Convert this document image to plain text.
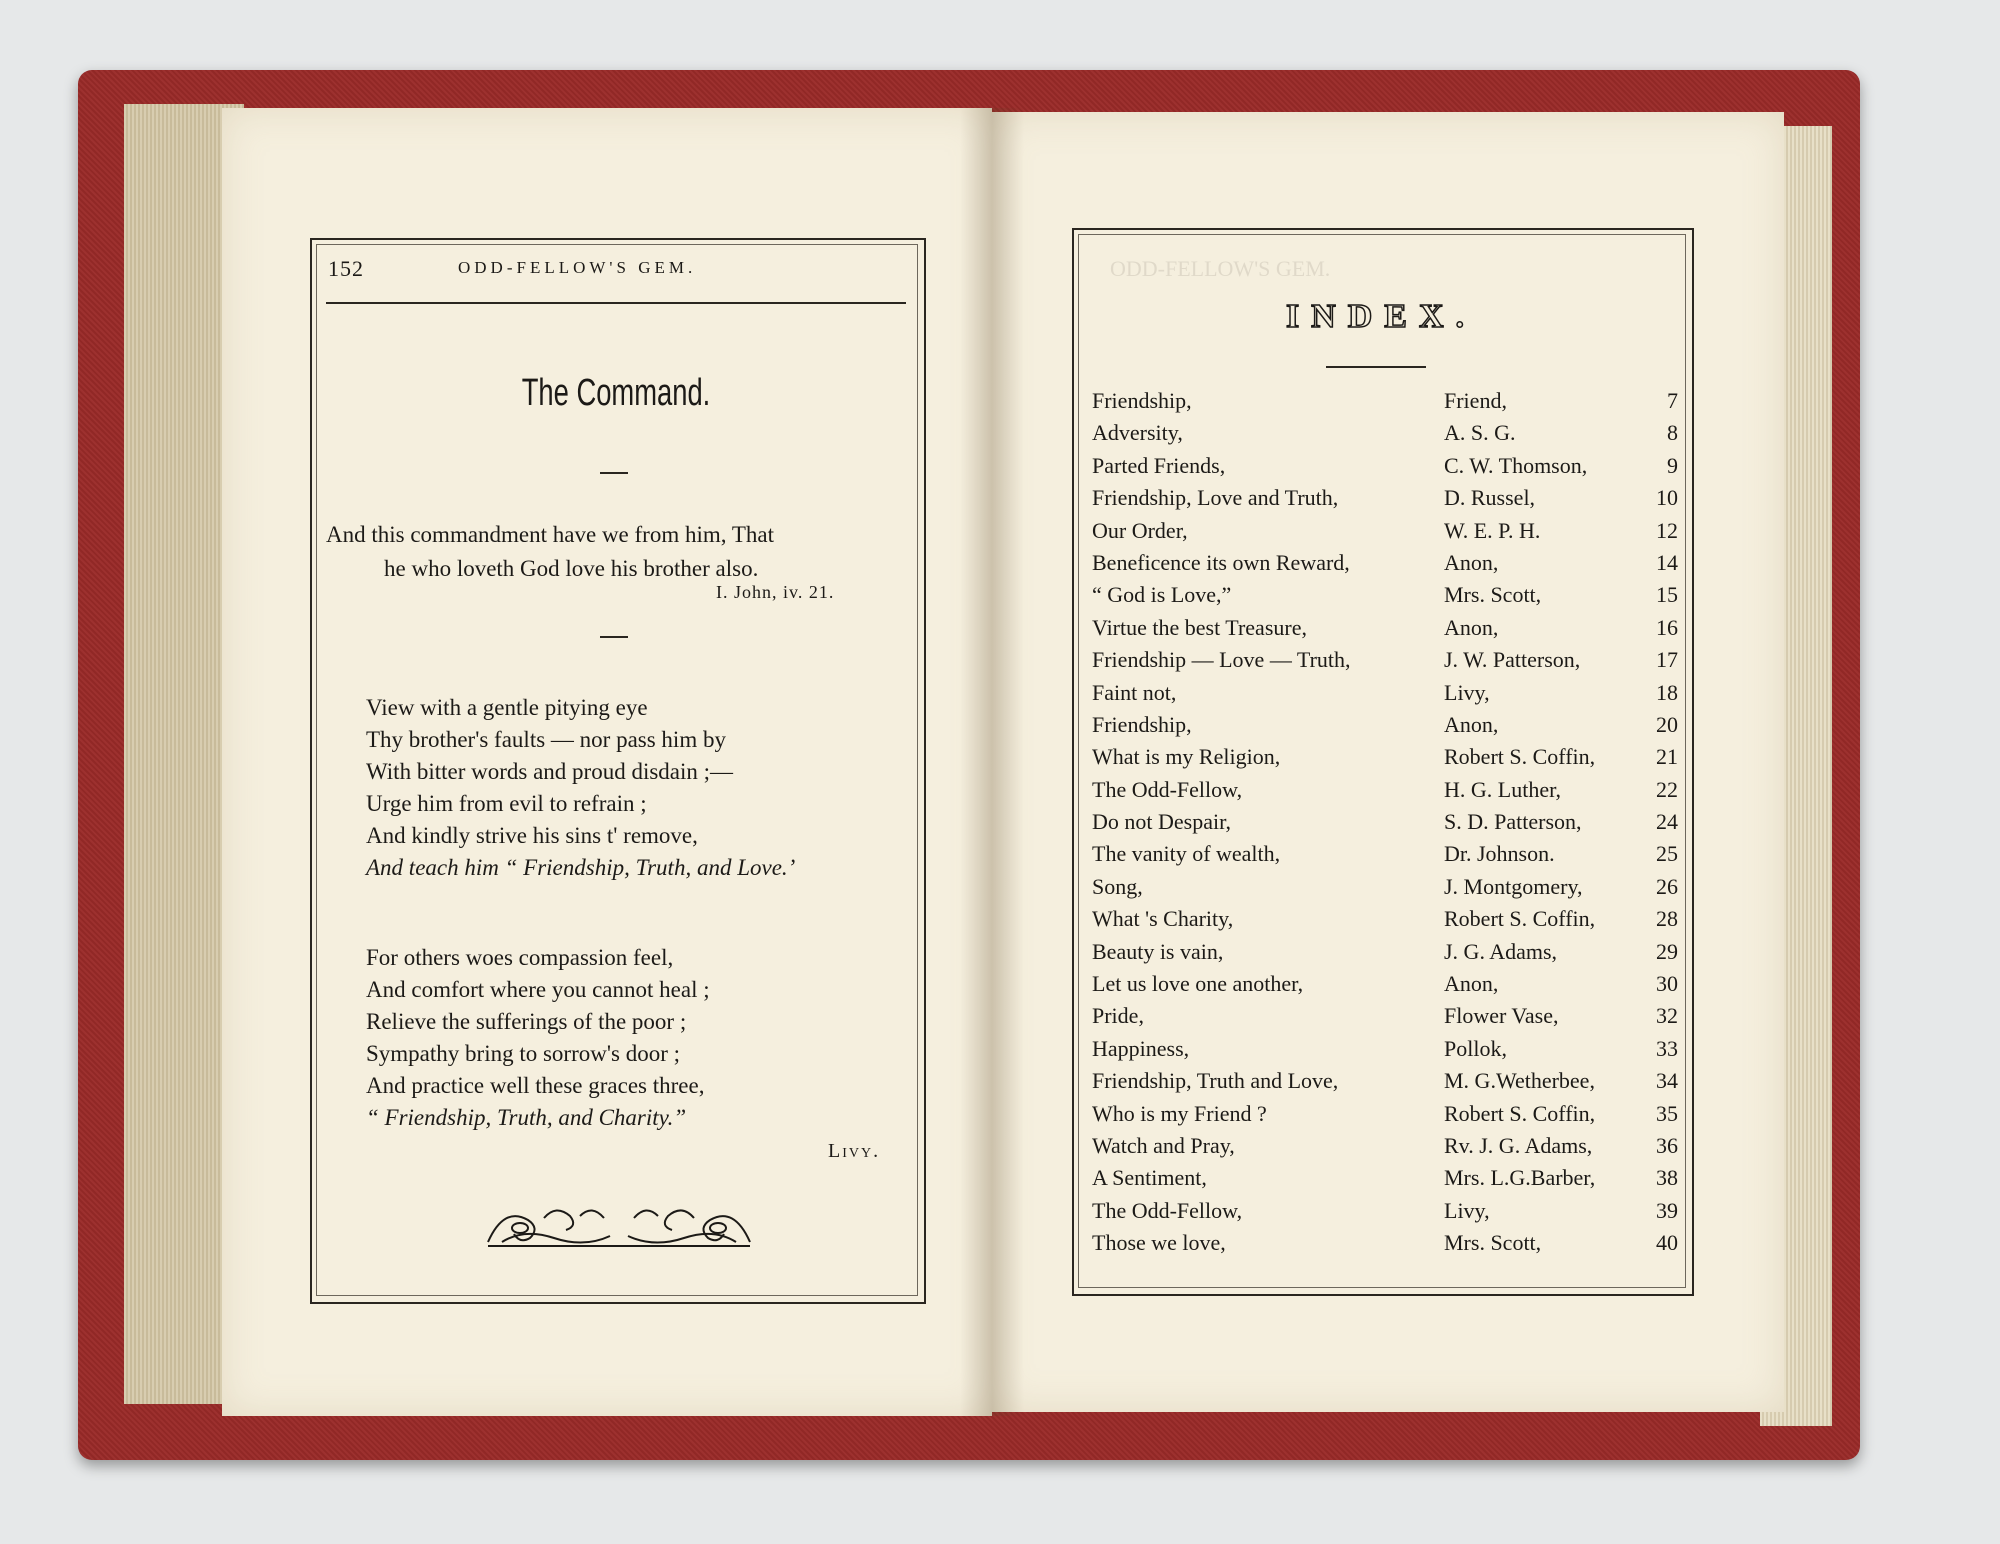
152	ODD-FELLOW'S GEM.
The Command.
And this commandment have we from him, That
he who loveth God love his brother also.
I. John, iv. 21.
View with a gentle pitying eye
Thy brother's faults — nor pass him by
With bitter words and proud disdain ;—
Urge him from evil to refrain ;
And kindly strive his sins t' remove,
And teach him “ Friendship, Truth, and Love.’
For others woes compassion feel,
And comfort where you cannot heal ;
Relieve the sufferings of the poor ;
Sympathy bring to sorrow's door ;
And practice well these graces three,
“ Friendship, Truth, and Charity.”
Livy.
ODD-FELLOW'S GEM.
INDEX.
Friendship,	Friend,	7
Adversity,	A. S. G.	8
Parted Friends,	C. W. Thomson,	9
Friendship, Love and Truth,	D. Russel,	10
Our Order,	W. E. P. H.	12
Beneficence its own Reward,	Anon,	14
“ God is Love,”	Mrs. Scott,	15
Virtue the best Treasure,	Anon,	16
Friendship — Love — Truth,	J. W. Patterson,	17
Faint not,	Livy,	18
Friendship,	Anon,	20
What is my Religion,	Robert S. Coffin,	21
The Odd-Fellow,	H. G. Luther,	22
Do not Despair,	S. D. Patterson,	24
The vanity of wealth,	Dr. Johnson.	25
Song,	J. Montgomery,	26
What 's Charity,	Robert S. Coffin,	28
Beauty is vain,	J. G. Adams,	29
Let us love one another,	Anon,	30
Pride,	Flower Vase,	32
Happiness,	Pollok,	33
Friendship, Truth and Love,	M. G.Wetherbee,	34
Who is my Friend ?	Robert S. Coffin,	35
Watch and Pray,	Rv. J. G. Adams,	36
A Sentiment,	Mrs. L.G.Barber,	38
The Odd-Fellow,	Livy,	39
Those we love,	Mrs. Scott,	40
